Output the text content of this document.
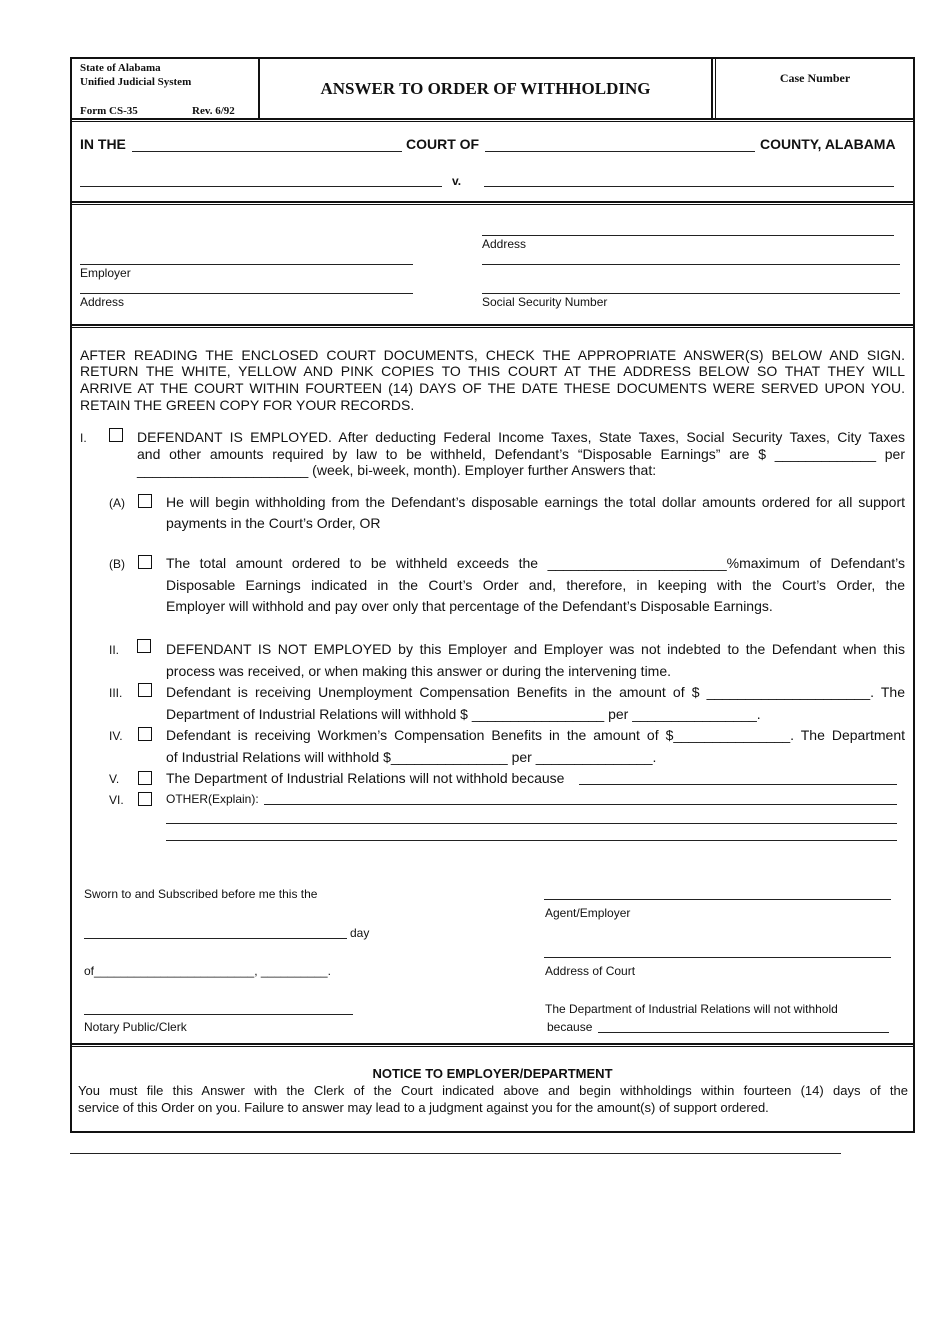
State of Alabama
Unified Judicial System
Form CS-35	Rev. 6/92
ANSWER TO ORDER OF WITHHOLDING
Case Number
IN THE	COURT OF	COUNTY, ALABAMA
v.
Address
Employer
Address	Social Security Number
AFTER READING THE ENCLOSED COURT DOCUMENTS, CHECK THE APPROPRIATE ANSWER(S) BELOW AND SIGN.
RETURN THE WHITE, YELLOW AND PINK COPIES TO THIS COURT AT THE ADDRESS BELOW SO THAT THEY WILL
ARRIVE AT THE COURT WITHIN FOURTEEN (14) DAYS OF THE DATE THESE DOCUMENTS WERE SERVED UPON YOU.
RETAIN THE GREEN COPY FOR YOUR RECORDS.
I.	DEFENDANT IS EMPLOYED. After deducting Federal Income Taxes, State Taxes, Social Security Taxes, City Taxes
and other amounts required by law to be withheld, Defendant’s “Disposable Earnings” are $ _____________ per
______________________ (week, bi-week, month). Employer further Answers that:
(A)	He will begin withholding from the Defendant’s disposable earnings the total dollar amounts ordered for all support
payments in the Court’s Order, OR
(B)	The total amount ordered to be withheld exceeds the _______________________%maximum of Defendant’s
Disposable Earnings indicated in the Court’s Order and, therefore, in keeping with the Court’s Order, the
Employer will withhold and pay over only that percentage of the Defendant’s Disposable Earnings.
II.	DEFENDANT IS NOT EMPLOYED by this Employer and Employer was not indebted to the Defendant when this
process was received, or when making this answer or during the intervening time.
III.	Defendant is receiving Unemployment Compensation Benefits in the amount of $ _____________________. The
Department of Industrial Relations will withhold $ _________________ per ________________.
IV.	Defendant is receiving Workmen’s Compensation Benefits in the amount of $_______________. The Department
of Industrial Relations will withhold $_______________ per _______________.
V.	The Department of Industrial Relations will not withhold because
VI.	OTHER(Explain):
Sworn to and Subscribed before me this the
Agent/Employer
day
Address of Court
of________________________, __________.
Notary Public/Clerk
The Department of Industrial Relations will not withhold
because
NOTICE TO EMPLOYER/DEPARTMENT
You must file this Answer with the Clerk of the Court indicated above and begin withholdings within fourteen (14) days of the
service of this Order on you. Failure to answer may lead to a judgment against you for the amount(s) of support ordered.
